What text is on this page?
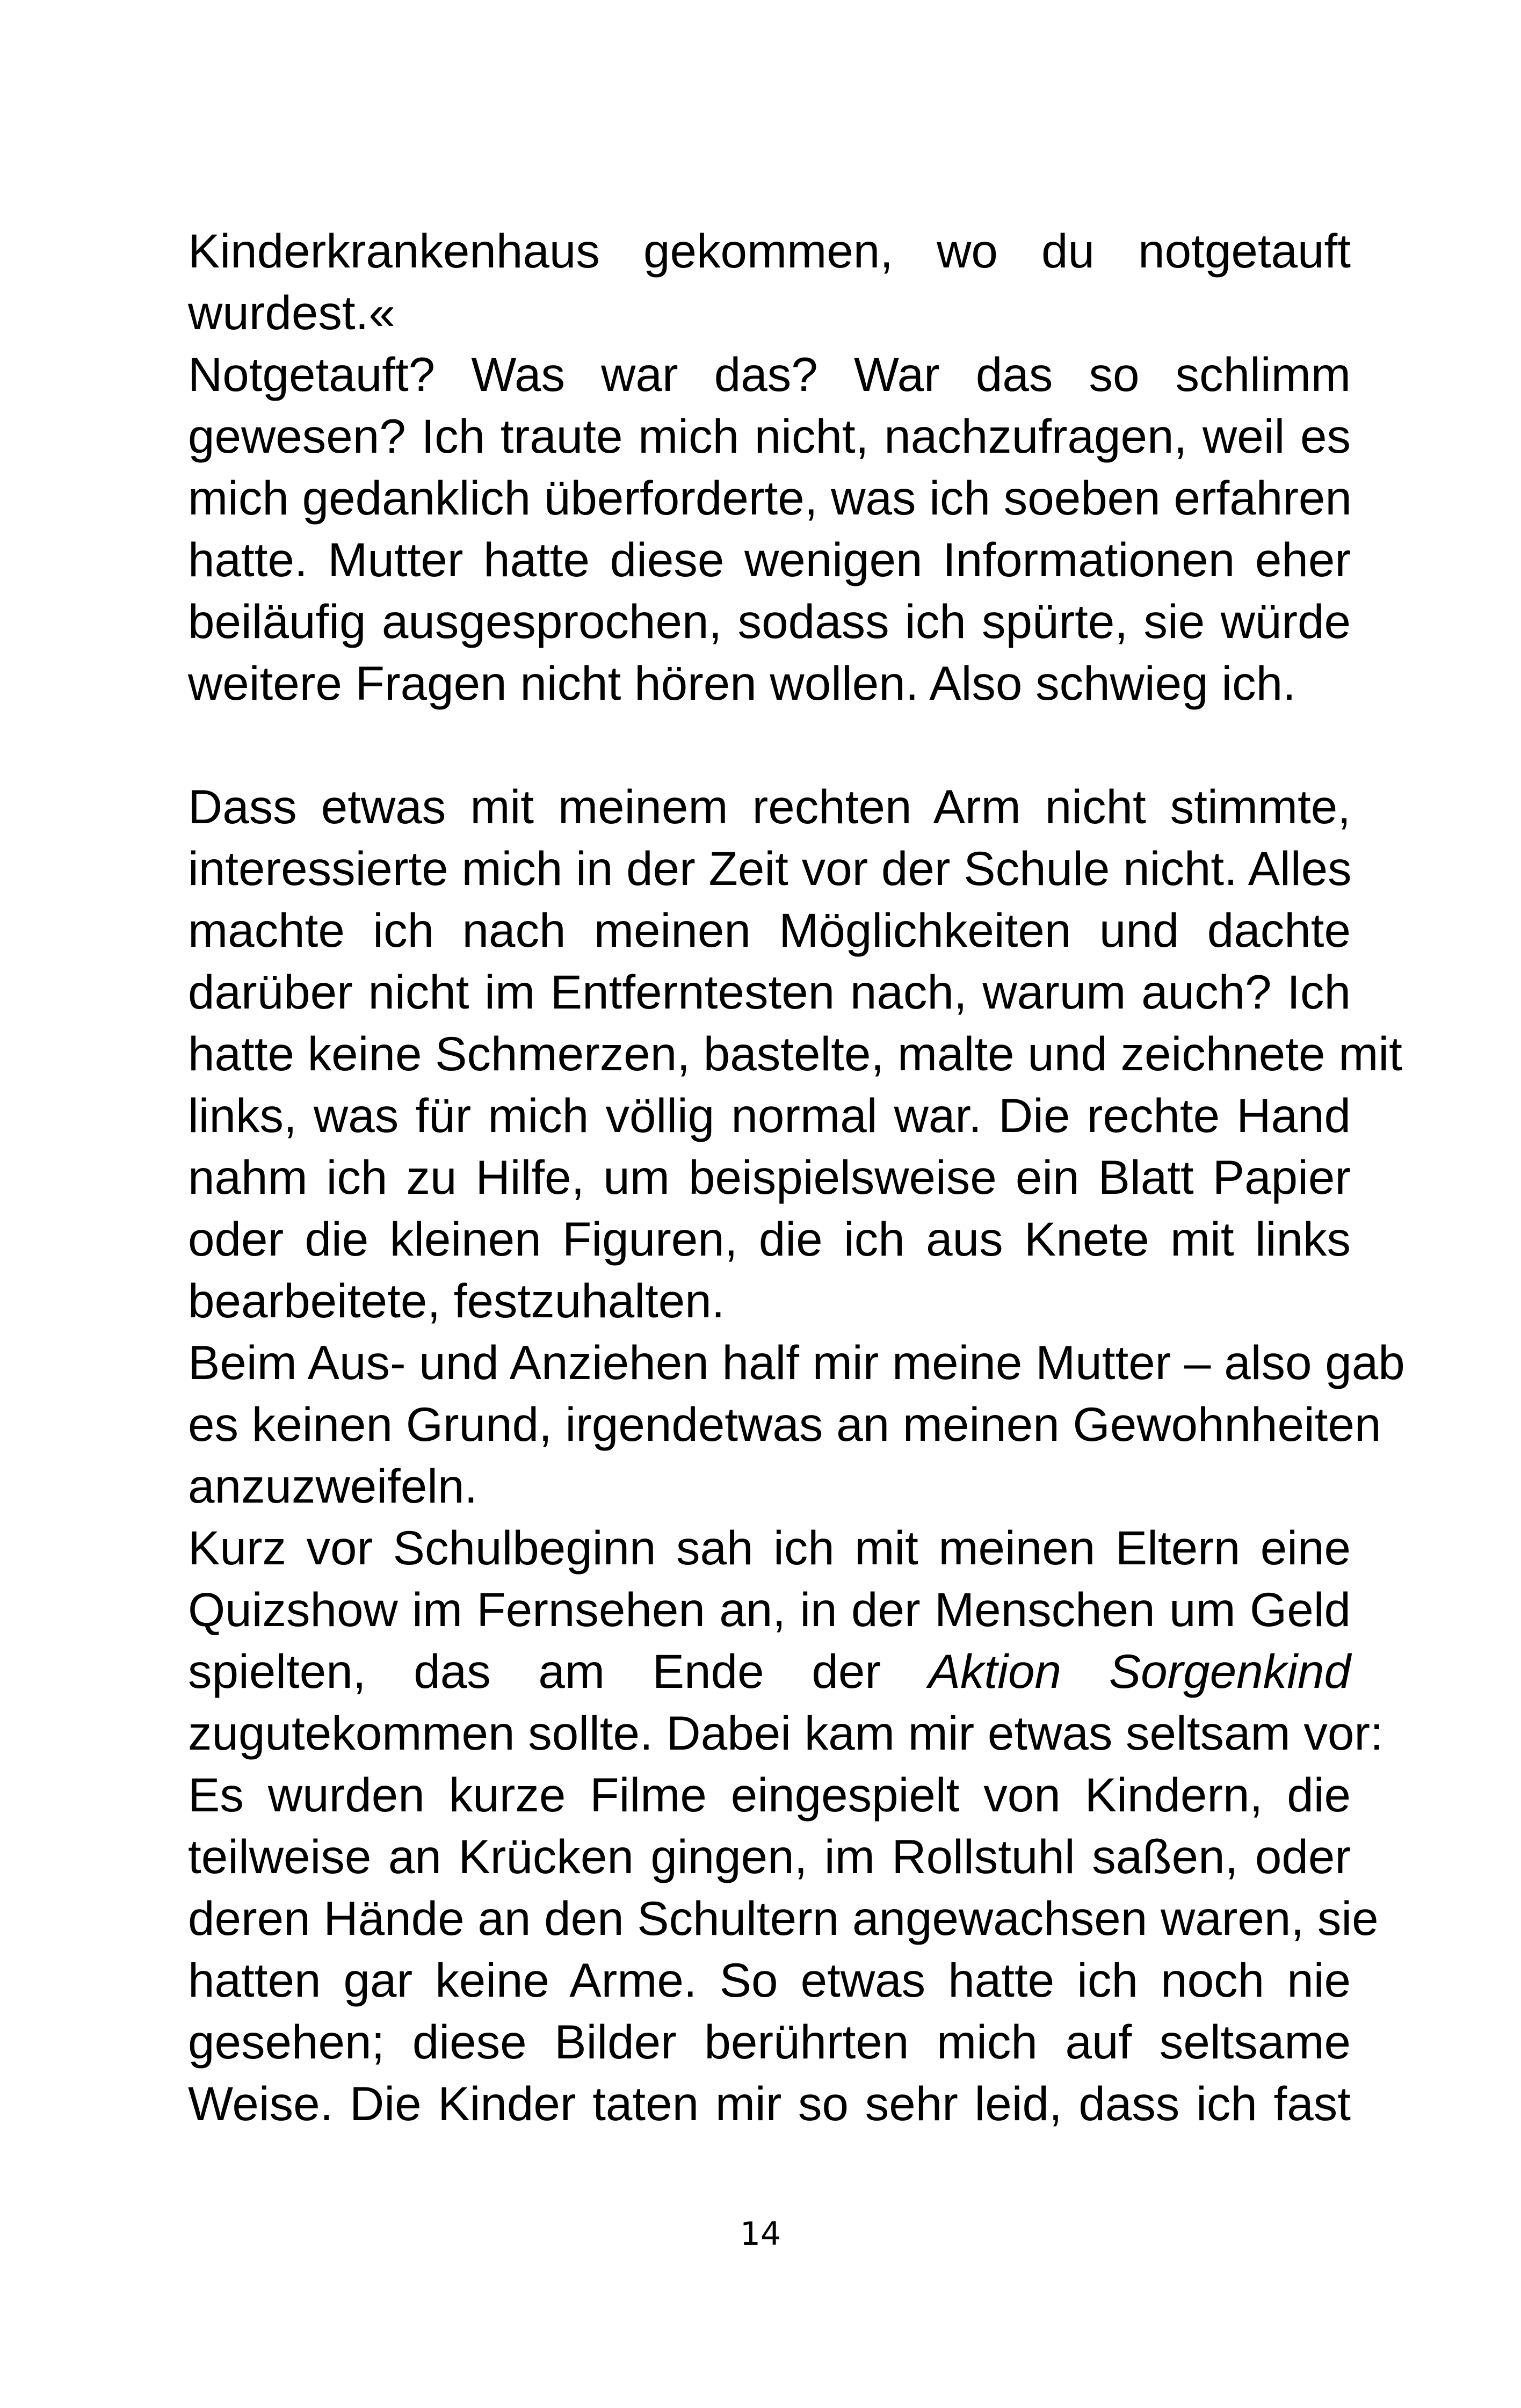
Kinderkrankenhaus gekommen, wo du notgetauft
wurdest.«

Notgetauft? Was war das? War das so schlimm
gewesen? Ich traute mich nicht, nachzufragen, weil es
mich gedanklich überforderte, was ich soeben erfahren
hatte. Mutter hatte diese wenigen Informationen eher
beiläufig ausgesprochen, sodass ich spürte, sie würde
weitere Fragen nicht hören wollen. Also schwieg ich.

Dass etwas mit meinem rechten Arm nicht stimmte,
interessierte mich in der Zeit vor der Schule nicht. Alles
machte ich nach meinen Möglichkeiten und dachte
darüber nicht im Entferntesten nach, warum auch? Ich
hatte keine Schmerzen, bastelte, malte und zeichnete mit
links, was für mich völlig normal war. Die rechte Hand
nahm ich zu Hilfe, um beispielsweise ein Blatt Papier
oder die kleinen Figuren, die ich aus Knete mit links
bearbeitete, festzuhalten.

Beim Aus- und Anziehen half mir meine Mutter – also gab
es keinen Grund, irgendetwas an meinen Gewohnheiten
anzuzweifeln.

Kurz vor Schulbeginn sah ich mit meinen Eltern eine
Quizshow im Fernsehen an, in der Menschen um Geld
spielten, das am Ende der Aktion Sorgenkind
zugutekommen sollte. Dabei kam mir etwas seltsam vor:
Es wurden kurze Filme eingespielt von Kindern, die
teilweise an Krücken gingen, im Rollstuhl saßen, oder
deren Hände an den Schultern angewachsen waren, sie
hatten gar keine Arme. So etwas hatte ich noch nie
gesehen; diese Bilder berührten mich auf seltsame
Weise. Die Kinder taten mir so sehr leid, dass ich fast

14
